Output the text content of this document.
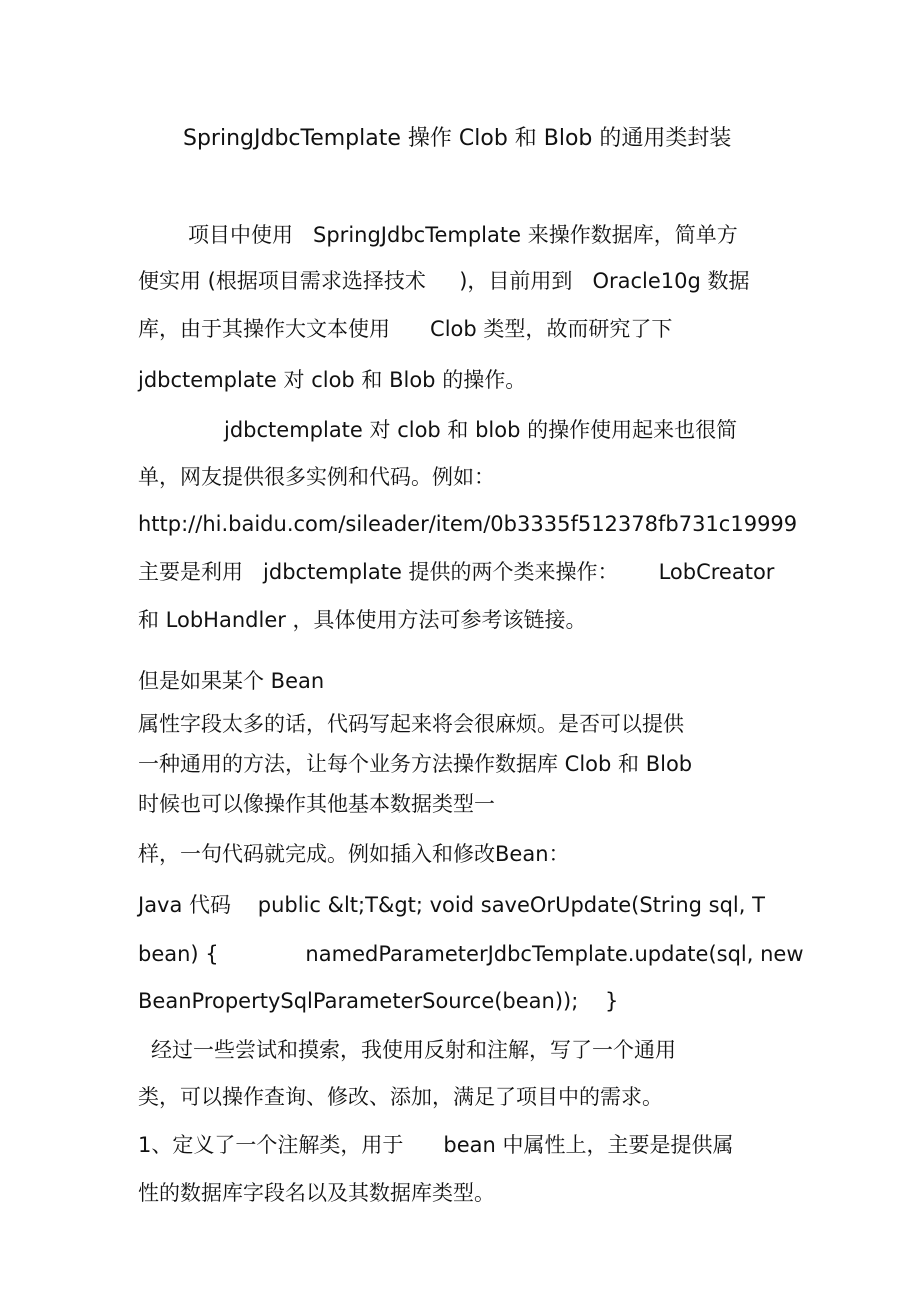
SpringJdbcTemplate 操作 Clob 和 Blob 的通用类封装
项目中使用   SpringJdbcTemplate 来操作数据库，简单方
便实用 (根据项目需求选择技术     )，目前用到   Oracle10g 数据
库，由于其操作大文本使用      Clob 类型，故而研究了下
jdbctemplate 对 clob 和 Blob 的操作。
jdbctemplate 对 clob 和 blob 的操作使用起来也很简
单，网友提供很多实例和代码。例如：
http://hi.baidu.com/sileader/item/0b3335f512378fb731c19999
主要是利用   jdbctemplate 提供的两个类来操作：      LobCreator
和 LobHandler ，具体使用方法可参考该链接。
但是如果某个 Bean
属性字段太多的话，代码写起来将会很麻烦。是否可以提供
一种通用的方法，让每个业务方法操作数据库 Clob 和 Blob
时候也可以像操作其他基本数据类型一
样，一句代码就完成。例如插入和修改Bean：
Java 代码    public &lt;T&gt; void saveOrUpdate(String sql, T
bean) {             namedParameterJdbcTemplate.update(sql, new
BeanPropertySqlParameterSource(bean));    }
经过一些尝试和摸索，我使用反射和注解，写了一个通用
类，可以操作查询、修改、添加，满足了项目中的需求。
1、定义了一个注解类，用于      bean 中属性上，主要是提供属
性的数据库字段名以及其数据库类型。
